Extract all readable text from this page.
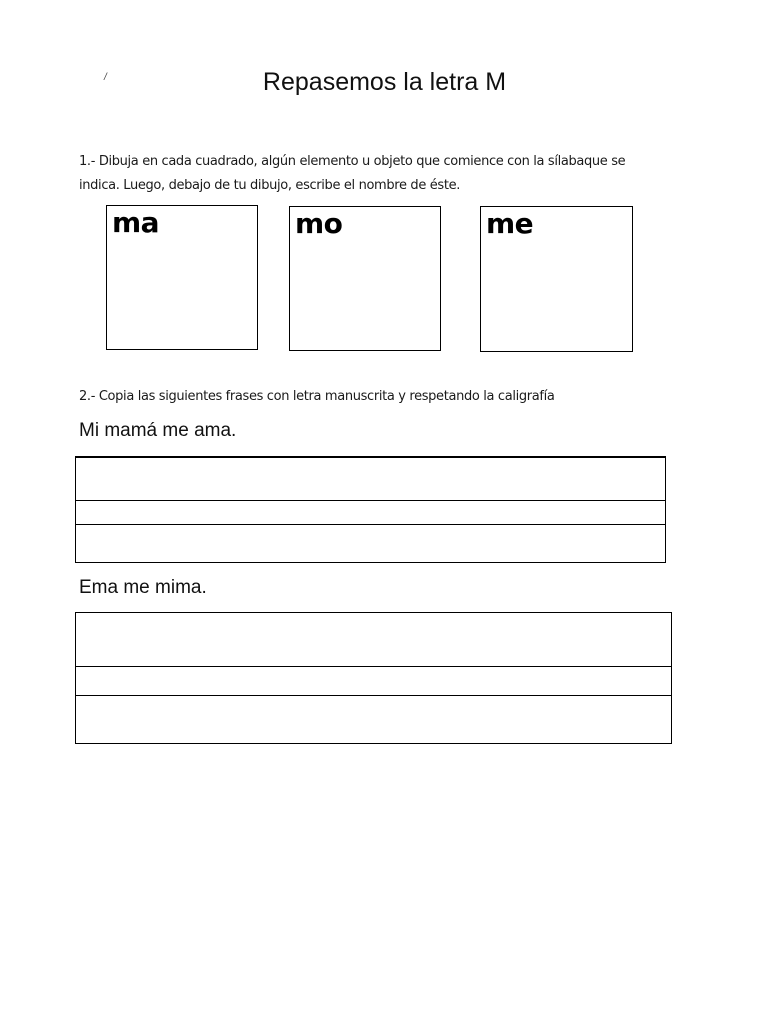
/	Repasemos la letra M
1.- Dibuja en cada cuadrado, algún elemento u objeto que comience con la sílabaque se
indica. Luego, debajo de tu dibujo, escribe el nombre de éste.
ma	mo	me
2.- Copia las siguientes frases con letra manuscrita y respetando la caligrafía
Mi mamá me ama.
Ema me mima.
